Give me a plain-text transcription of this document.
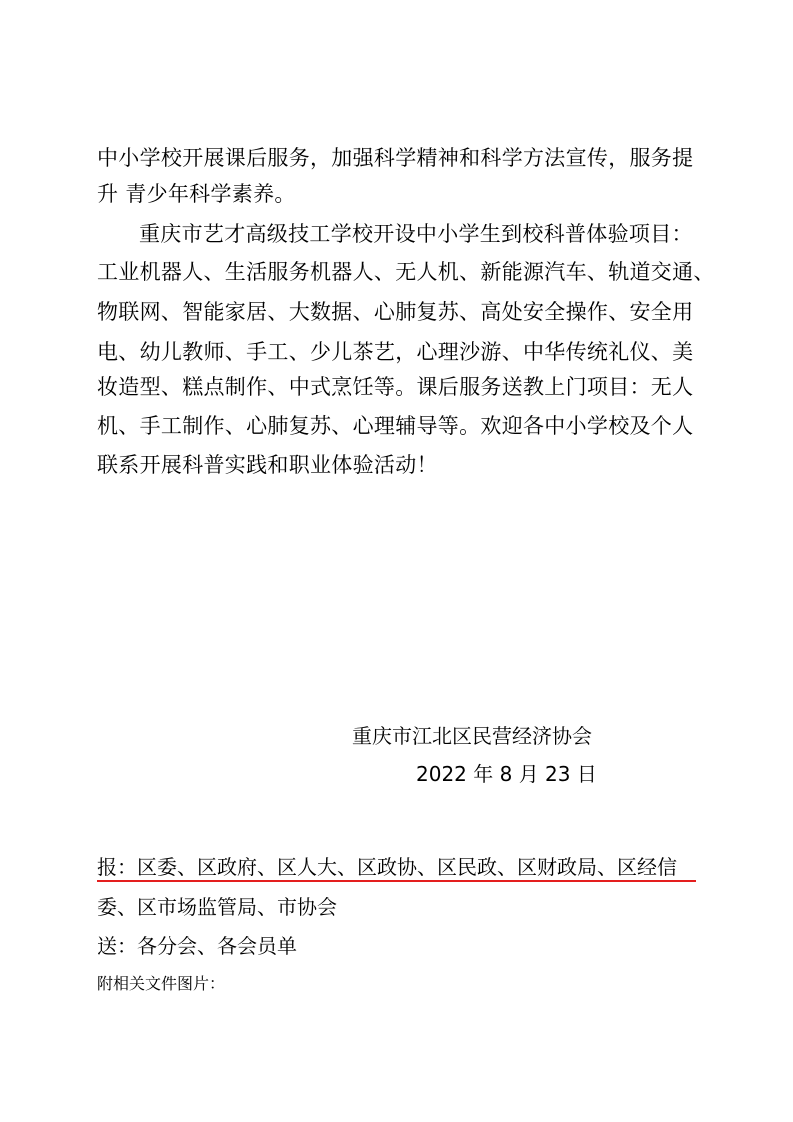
中小学校开展课后服务，加强科学精神和科学方法宣传，服务提
升 青少年科学素养。
重庆市艺才高级技工学校开设中小学生到校科普体验项目：
工业机器人、生活服务机器人、无人机、新能源汽车、轨道交通、
物联网、智能家居、大数据、心肺复苏、高处安全操作、安全用
电、幼儿教师、手工、少儿茶艺，心理沙游、中华传统礼仪、美
妆造型、糕点制作、中式烹饪等。课后服务送教上门项目：无人
机、手工制作、心肺复苏、心理辅导等。欢迎各中小学校及个人
联系开展科普实践和职业体验活动！
重庆市江北区民营经济协会
2022 年 8 月 23 日
报：区委、区政府、区人大、区政协、区民政、区财政局、区经信
委、区市场监管局、市协会
送：各分会、各会员单
附相关文件图片：
